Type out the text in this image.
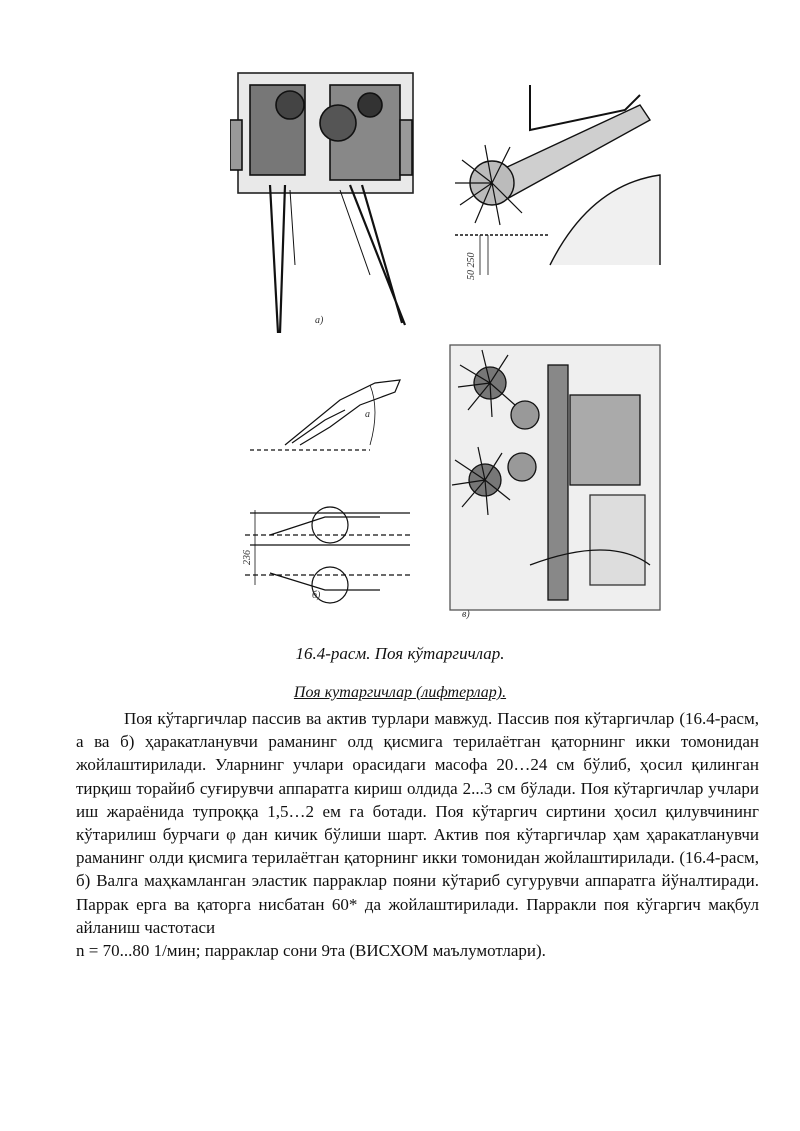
а)
50 250
а
236
б)
в)
16.4-расм. Поя кўтаргичлар.
Поя кутаргичлар (лифтерлар).

Поя кўтаргичлар пассив ва актив турлари мавжуд. Пассив поя кўтаргичлар (16.4-расм, а ва б) ҳаракатланувчи раманинг олд қисмига терилаётган қаторнинг икки томонидан жойлаштирилади. Уларнинг учлари орасидаги масофа 20…24 см бўлиб, ҳосил қилинган тирқиш торайиб суғирувчи аппаратга кириш олдида 2...3 см бўлади. Поя кўтаргичлар учлари иш жараёнида тупроққа 1,5…2 ем га ботади. Поя кўтаргич сиртини ҳосил қилувчининг кўтарилиш бурчаги φ дан кичик бўлиши шарт. Актив поя кўтаргичлар ҳам ҳаракатланувчи раманинг олди қисмига терилаётган қаторнинг икки томонидан жойлаштирилади. (16.4-расм, б) Валга маҳкамланган эластик парраклар пояни кўтариб сугурувчи аппаратга йўналтиради. Паррак ерга ва қаторга нисбатан 60* да жойлаштирилади. Парракли поя кўгаргич мақбул айланиш частотаси

n = 70...80 1/мин; парраклар сони 9та (ВИСХОМ маълумотлари).
